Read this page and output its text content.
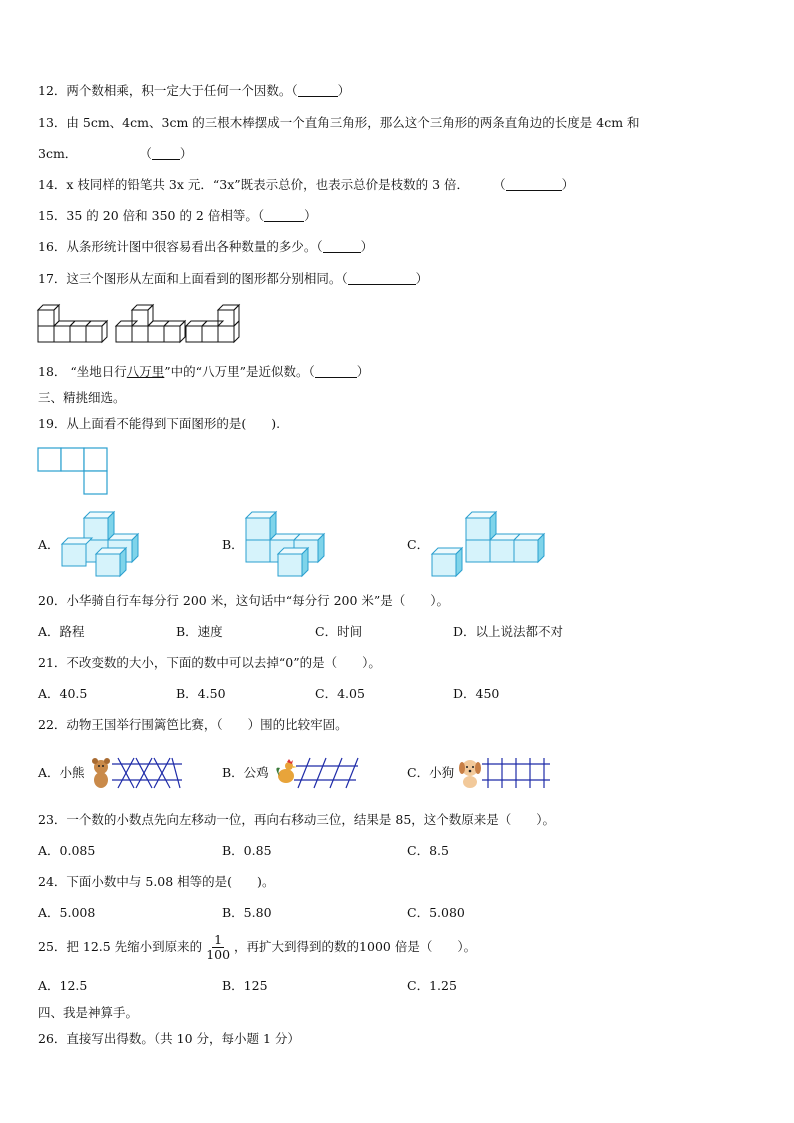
12．两个数相乘，积一定大于任何一个因数。（	）
13．由 5cm、4cm、3cm 的三根木棒摆成一个直角三角形，那么这个三角形的两条直角边的长度是 4cm 和
3cm．	（ ）
14．x 枝同样的铅笔共 3x 元．“3x”既表示总价，也表示总价是枝数的 3 倍． （	）
15．35 的 20 倍和 350 的 2 倍相等。（	）
16．从条形统计图中很容易看出各种数量的多少。（	）
17．这三个图形从左面和上面看到的图形都分别相同。（	）
18． “坐地日行八万里”中的“八万里”是近似数。（	）
三、精挑细选。
19．从上面看不能得到下面图形的是(　　).
A．	B．	C．
20．小华骑自行车每分行 200 米，这句话中“每分行 200 米”是（　　）。
A．路程	B．速度	C．时间	D．以上说法都不对
21．不改变数的大小，下面的数中可以去掉“0”的是（　　）。
A．40.5	B．4.50	C．4.05	D．450
22．动物王国举行围篱笆比赛，（　　）围的比较牢固。
A．小熊	B．公鸡	C．小狗
23．一个数的小数点先向左移动一位，再向右移动三位，结果是 85，这个数原来是（　　）。
A．0.085	B．0.85	C．8.5
24．下面小数中与 5.08 相等的是(　　)。
A．5.008	B．5.80	C．5.080
25．把 12.5 先缩小到原来的 $\frac{1}{100}$ ，再扩大到得到的数的1000 倍是（　　）。
A．12.5	B．125	C．1.25
四、我是神算手。
26．直接写出得数。（共 10 分，每小题 1 分）
